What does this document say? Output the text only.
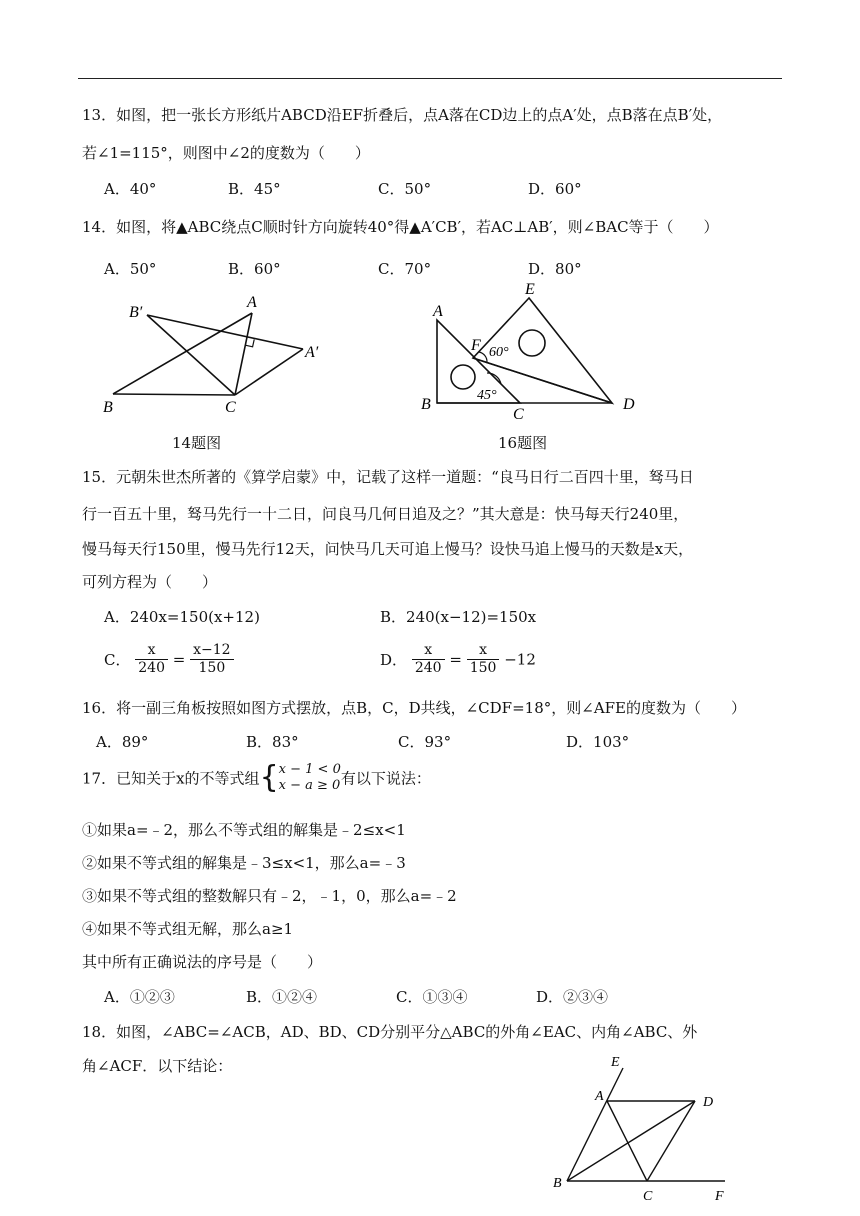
13．如图，把一张长方形纸片ABCD沿EF折叠后，点A落在CD边上的点A′处，点B落在点B′处，
若∠1=115°，则图中∠2的度数为（　　）
A．40°	B．45°	C．50°	D．60°
14．如图，将▲ABC绕点C顺时针方向旋转40°得▲A′CB′，若AC⊥AB′，则∠BAC等于（　　）
A．50°	B．60°	C．70°	D．80°
B′
A
A′
B	C
14题图
E
A
F 60°
45°
B
C
D
16题图
15．元朝朱世杰所著的《算学启蒙》中，记载了这样一道题：“良马日行二百四十里，驽马日
行一百五十里，驽马先行一十二日，问良马几何日追及之？”其大意是：快马每天行240里，
慢马每天行150里，慢马先行12天，问快马几天可追上慢马？设快马追上慢马的天数是x天，
可列方程为（　　）
A．240x=150(x+12)	B．240(x−12)=150x
C． $\frac{x}{240} = \frac{x-12}{150}$	D． $\frac{x}{240} = \frac{x}{150} -12$
16．将一副三角板按照如图方式摆放，点B，C，D共线，∠CDF=18°，则∠AFE的度数为（　　）
A．89°	B．83°	C．93°	D．103°
17．已知关于x的不等式组{ x − 1 < 0
x − a ≥ 0 有以下说法：
①如果a=﹣2，那么不等式组的解集是﹣2≤x<1
②如果不等式组的解集是﹣3≤x<1，那么a=﹣3
③如果不等式组的整数解只有﹣2，﹣1，0，那么a=﹣2
④如果不等式组无解，那么a≥1
其中所有正确说法的序号是（　　）
A．①②③	B．①②④	C．①③④	D．②③④
18．如图，∠ABC=∠ACB，AD、BD、CD分别平分△ABC的外角∠EAC、内角∠ABC、外
角∠ACF．以下结论：	E
A	D
B
C	F
